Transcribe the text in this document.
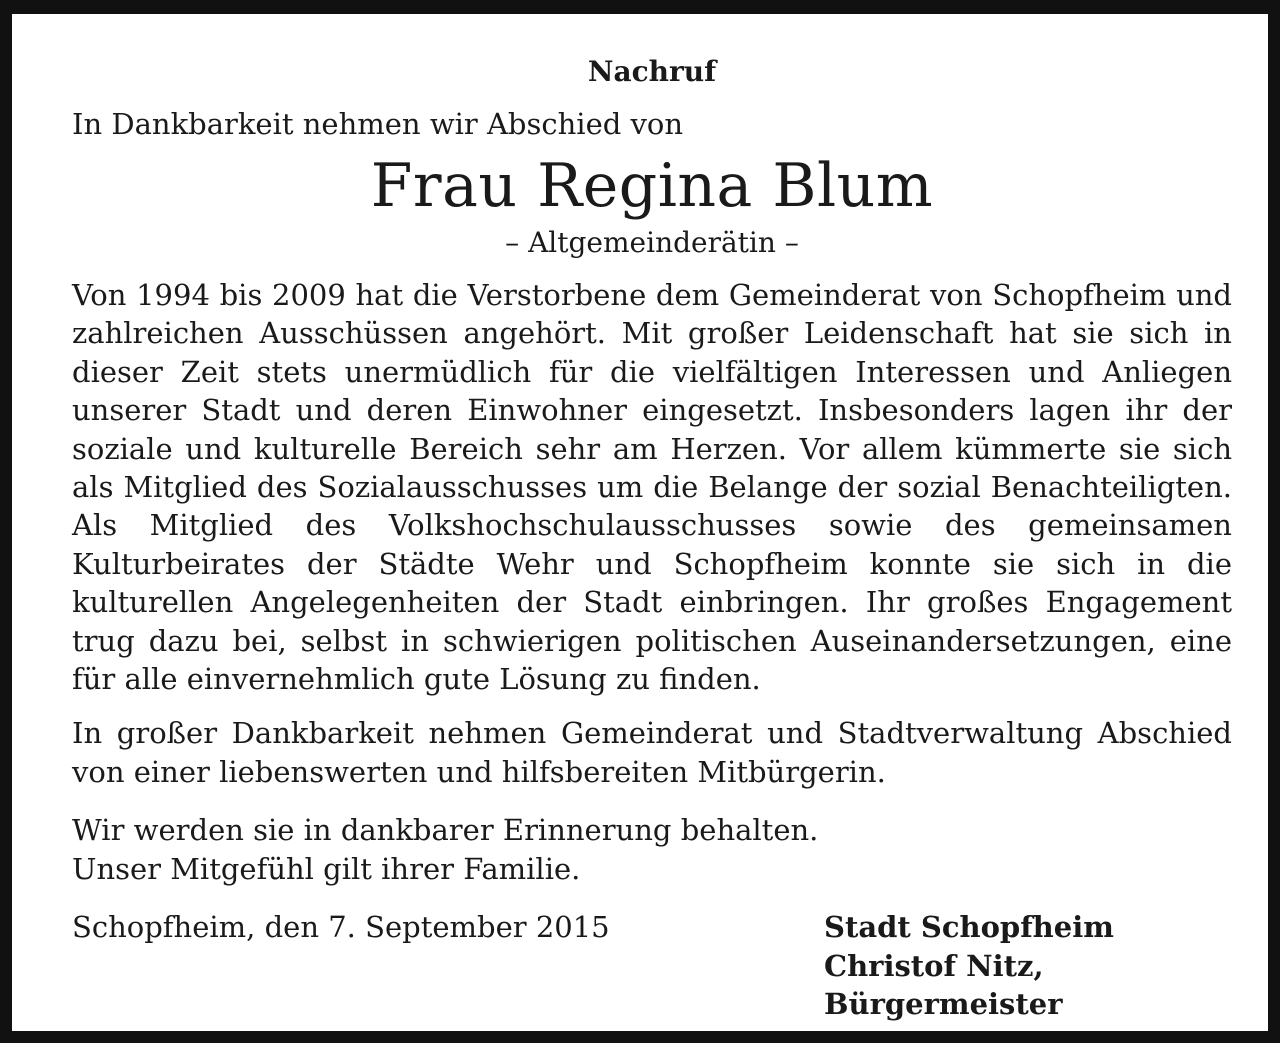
Nachruf

In Dankbarkeit nehmen wir Abschied von

Frau Regina Blum

– Altgemeinderätin –

Von 1994 bis 2009 hat die Verstorbene dem Gemeinderat von Schopfheim und zahlreichen Ausschüssen angehört. Mit großer Leidenschaft hat sie sich in dieser Zeit stets unermüdlich für die vielfältigen Interessen und Anliegen unserer Stadt und deren Einwohner eingesetzt. Insbesonders lagen ihr der soziale und kulturelle Bereich sehr am Herzen. Vor allem kümmerte sie sich als Mitglied des Sozialausschusses um die Belange der sozial Benachteiligten. Als Mitglied des Volkshochschulausschusses sowie des gemeinsamen Kulturbeirates der Städte Wehr und Schopfheim konnte sie sich in die kulturellen Angelegenheiten der Stadt einbringen. Ihr großes Engagement trug dazu bei, selbst in schwierigen politischen Auseinandersetzungen, eine für alle einvernehmlich gute Lösung zu finden.

In großer Dankbarkeit nehmen Gemeinderat und Stadtverwaltung Abschied von einer liebenswerten und hilfsbereiten Mitbürgerin.

Wir werden sie in dankbarer Erinnerung behalten.
Unser Mitgefühl gilt ihrer Familie.

Schopfheim, den 7. September 2015	Stadt Schopfheim
Christof Nitz, Bürgermeister
